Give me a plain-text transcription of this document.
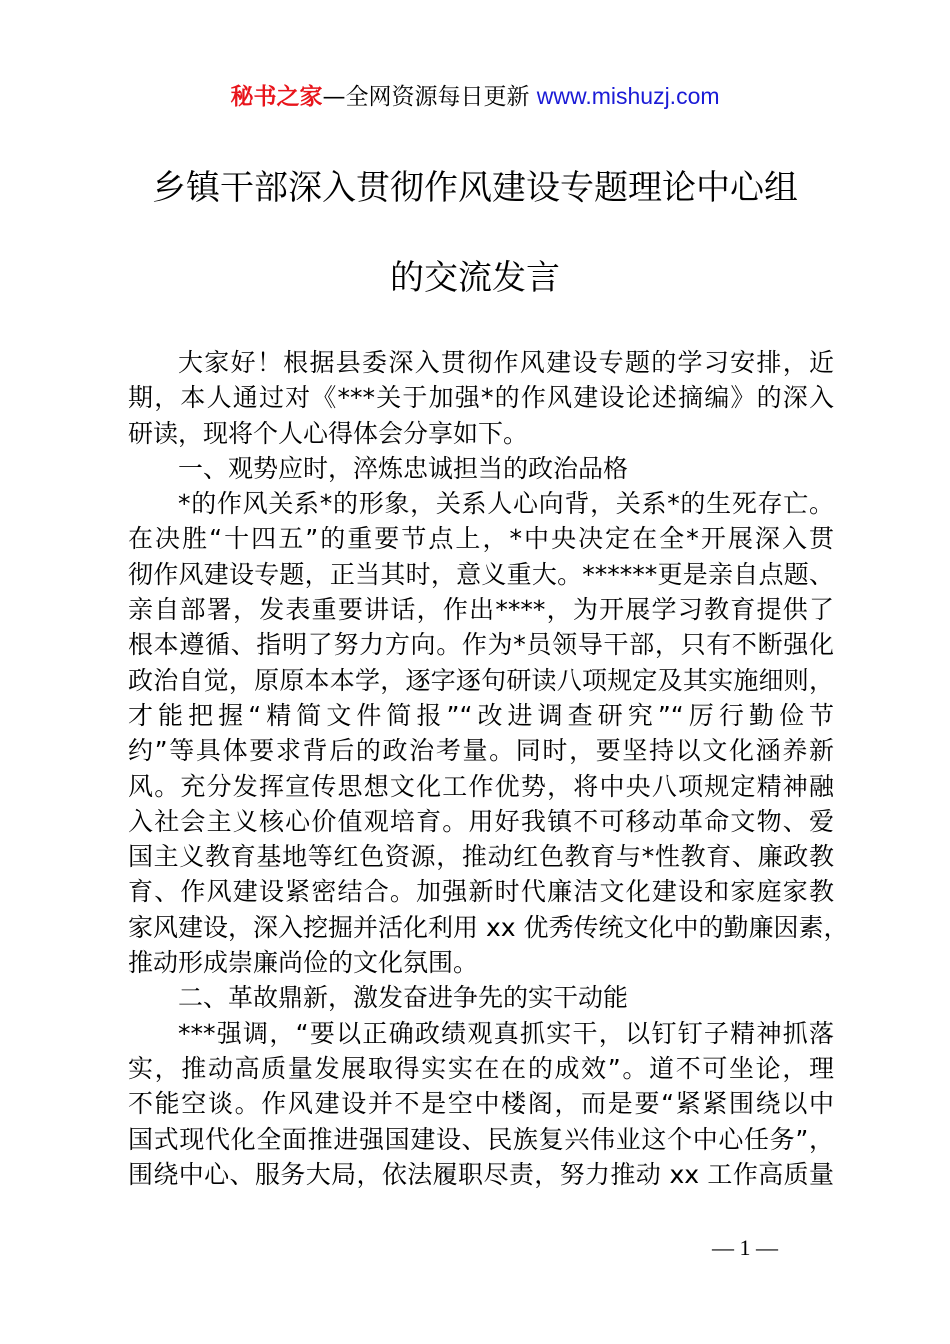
秘书之家—全网资源每日更新 www.mishuzj.com
乡镇干部深入贯彻作风建设专题理论中心组
的交流发言
大家好！根据县委深入贯彻作风建设专题的学习安排，近
期，本人通过对《***关于加强*的作风建设论述摘编》的深入
研读，现将个人心得体会分享如下。
一、观势应时，淬炼忠诚担当的政治品格
*的作风关系*的形象，关系人心向背，关系*的生死存亡。
在决胜“十四五”的重要节点上，*中央决定在全*开展深入贯
彻作风建设专题，正当其时，意义重大。******更是亲自点题、
亲自部署，发表重要讲话，作出****，为开展学习教育提供了
根本遵循、指明了努力方向。作为*员领导干部，只有不断强化
政治自觉，原原本本学，逐字逐句研读八项规定及其实施细则，
才能把握“精简文件简报”“改进调查研究”“厉行勤俭节
约”等具体要求背后的政治考量。同时，要坚持以文化涵养新
风。充分发挥宣传思想文化工作优势，将中央八项规定精神融
入社会主义核心价值观培育。用好我镇不可移动革命文物、爱
国主义教育基地等红色资源，推动红色教育与*性教育、廉政教
育、作风建设紧密结合。加强新时代廉洁文化建设和家庭家教
家风建设，深入挖掘并活化利用 xx 优秀传统文化中的勤廉因素，
推动形成崇廉尚俭的文化氛围。
二、革故鼎新，激发奋进争先的实干动能
***强调，“要以正确政绩观真抓实干，以钉钉子精神抓落
实，推动高质量发展取得实实在在的成效”。道不可坐论，理
不能空谈。作风建设并不是空中楼阁，而是要“紧紧围绕以中
国式现代化全面推进强国建设、民族复兴伟业这个中心任务”，
围绕中心、服务大局，依法履职尽责，努力推动 xx 工作高质量
— 1 —
